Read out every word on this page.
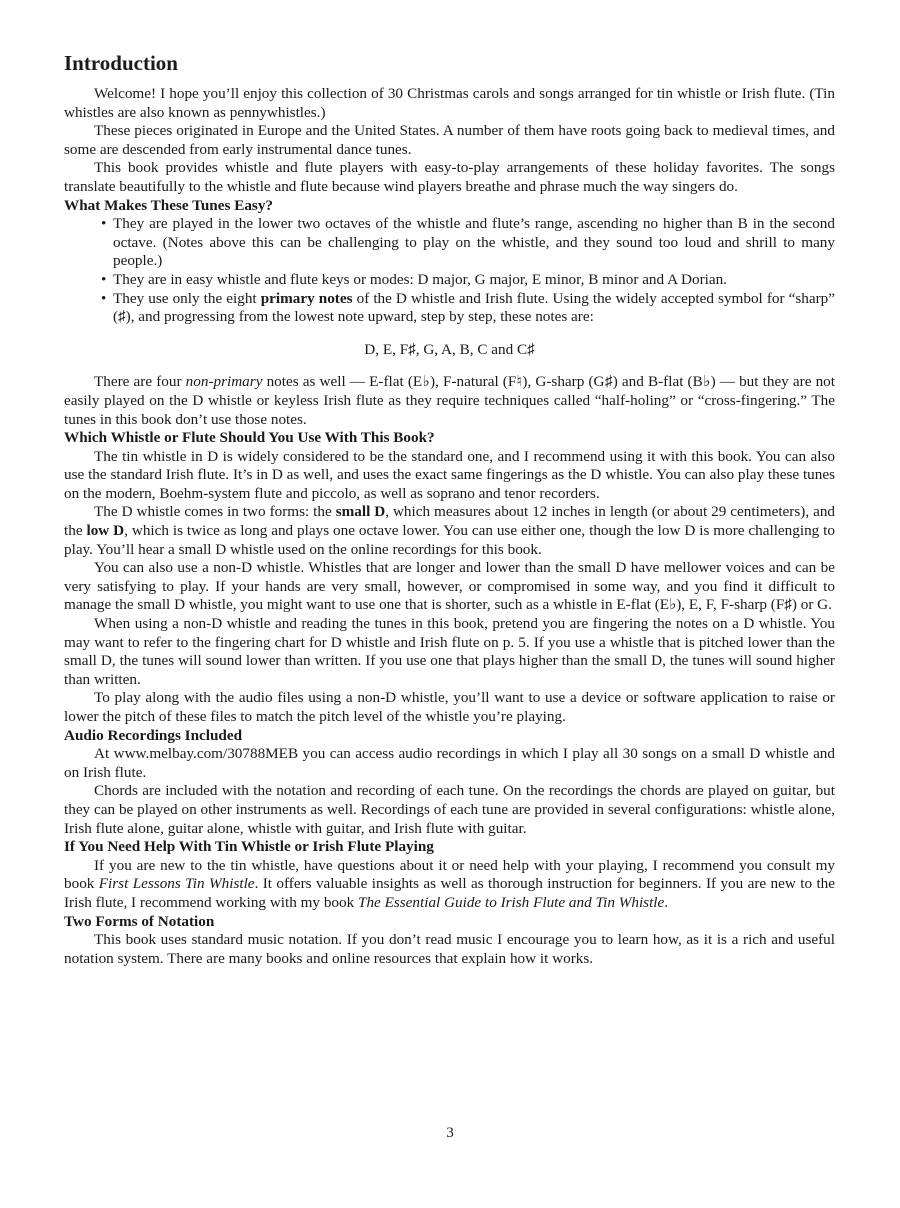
Introduction

Welcome! I hope you’ll enjoy this collection of 30 Christmas carols and songs arranged for tin whistle or Irish flute. (Tin whistles are also known as pennywhistles.)

These pieces originated in Europe and the United States. A number of them have roots going back to medieval times, and some are descended from early instrumental dance tunes.

This book provides whistle and flute players with easy-to-play arrangements of these holiday favorites. The songs translate beautifully to the whistle and flute because wind players breathe and phrase much the way singers do.

What Makes These Tunes Easy?
• They are played in the lower two octaves of the whistle and flute’s range, ascending no higher than B in the second octave. (Notes above this can be challenging to play on the whistle, and they sound too loud and shrill to many people.)
• They are in easy whistle and flute keys or modes: D major, G major, E minor, B minor and A Dorian.
• They use only the eight primary notes of the D whistle and Irish flute. Using the widely accepted symbol for “sharp” (♯), and progressing from the lowest note upward, step by step, these notes are:

D, E, F♯, G, A, B, C and C♯

There are four non-primary notes as well — E-flat (E♭), F-natural (F♮), G-sharp (G♯) and B-flat (B♭) — but they are not easily played on the D whistle or keyless Irish flute as they require techniques called “half-holing” or “cross-fingering.” The tunes in this book don’t use those notes.

Which Whistle or Flute Should You Use With This Book?

The tin whistle in D is widely considered to be the standard one, and I recommend using it with this book. You can also use the standard Irish flute. It’s in D as well, and uses the exact same fingerings as the D whistle. You can also play these tunes on the modern, Boehm-system flute and piccolo, as well as soprano and tenor recorders.

The D whistle comes in two forms: the small D, which measures about 12 inches in length (or about 29 centimeters), and the low D, which is twice as long and plays one octave lower. You can use either one, though the low D is more challenging to play. You’ll hear a small D whistle used on the online recordings for this book.

You can also use a non-D whistle. Whistles that are longer and lower than the small D have mellower voices and can be very satisfying to play. If your hands are very small, however, or compromised in some way, and you find it difficult to manage the small D whistle, you might want to use one that is shorter, such as a whistle in E-flat (E♭), E, F, F-sharp (F♯) or G.

When using a non-D whistle and reading the tunes in this book, pretend you are fingering the notes on a D whistle. You may want to refer to the fingering chart for D whistle and Irish flute on p. 5. If you use a whistle that is pitched lower than the small D, the tunes will sound lower than written. If you use one that plays higher than the small D, the tunes will sound higher than written.

To play along with the audio files using a non-D whistle, you’ll want to use a device or software application to raise or lower the pitch of these files to match the pitch level of the whistle you’re playing.

Audio Recordings Included

At www.melbay.com/30788MEB you can access audio recordings in which I play all 30 songs on a small D whistle and on Irish flute.

Chords are included with the notation and recording of each tune. On the recordings the chords are played on guitar, but they can be played on other instruments as well. Recordings of each tune are provided in several configurations: whistle alone, Irish flute alone, guitar alone, whistle with guitar, and Irish flute with guitar.

If You Need Help With Tin Whistle or Irish Flute Playing

If you are new to the tin whistle, have questions about it or need help with your playing, I recommend you consult my book First Lessons Tin Whistle. It offers valuable insights as well as thorough instruction for beginners. If you are new to the Irish flute, I recommend working with my book The Essential Guide to Irish Flute and Tin Whistle.

Two Forms of Notation

This book uses standard music notation. If you don’t read music I encourage you to learn how, as it is a rich and useful notation system. There are many books and online resources that explain how it works.

3
